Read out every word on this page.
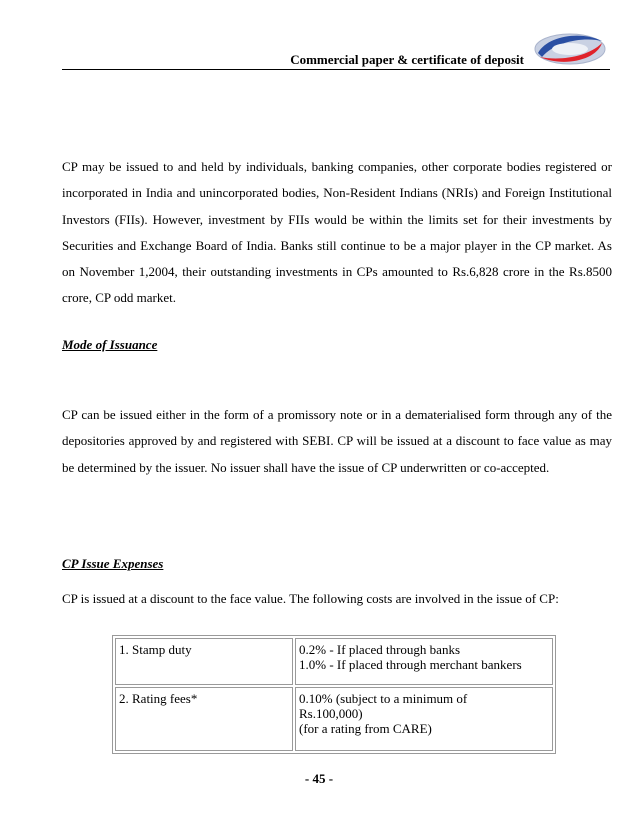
Commercial paper & certificate of deposit

CP may be issued to and held by individuals, banking companies, other corporate bodies registered or incorporated in India and unincorporated bodies, Non-Resident Indians (NRIs) and Foreign Institutional Investors (FIIs). However, investment by FIIs would be within the limits set for their investments by Securities and Exchange Board of India. Banks still continue to be a major player in the CP market. As on November 1,2004, their outstanding investments in CPs amounted to Rs.6,828 crore in the Rs.8500 crore, CP odd market.

Mode of Issuance

CP can be issued either in the form of a promissory note or in a dematerialised form through any of the depositories approved by and registered with SEBI. CP will be issued at a discount to face value as may be determined by the issuer. No issuer shall have the issue of CP underwritten or co-accepted.

CP Issue Expenses

CP is issued at a discount to the face value. The following costs are involved in the issue of CP:

1. Stamp duty	0.2% - If placed through banks
1.0% - If placed through merchant bankers

2. Rating fees*	0.10% (subject to a minimum of
Rs.100,000)
(for a rating from CARE)
- 45 -
